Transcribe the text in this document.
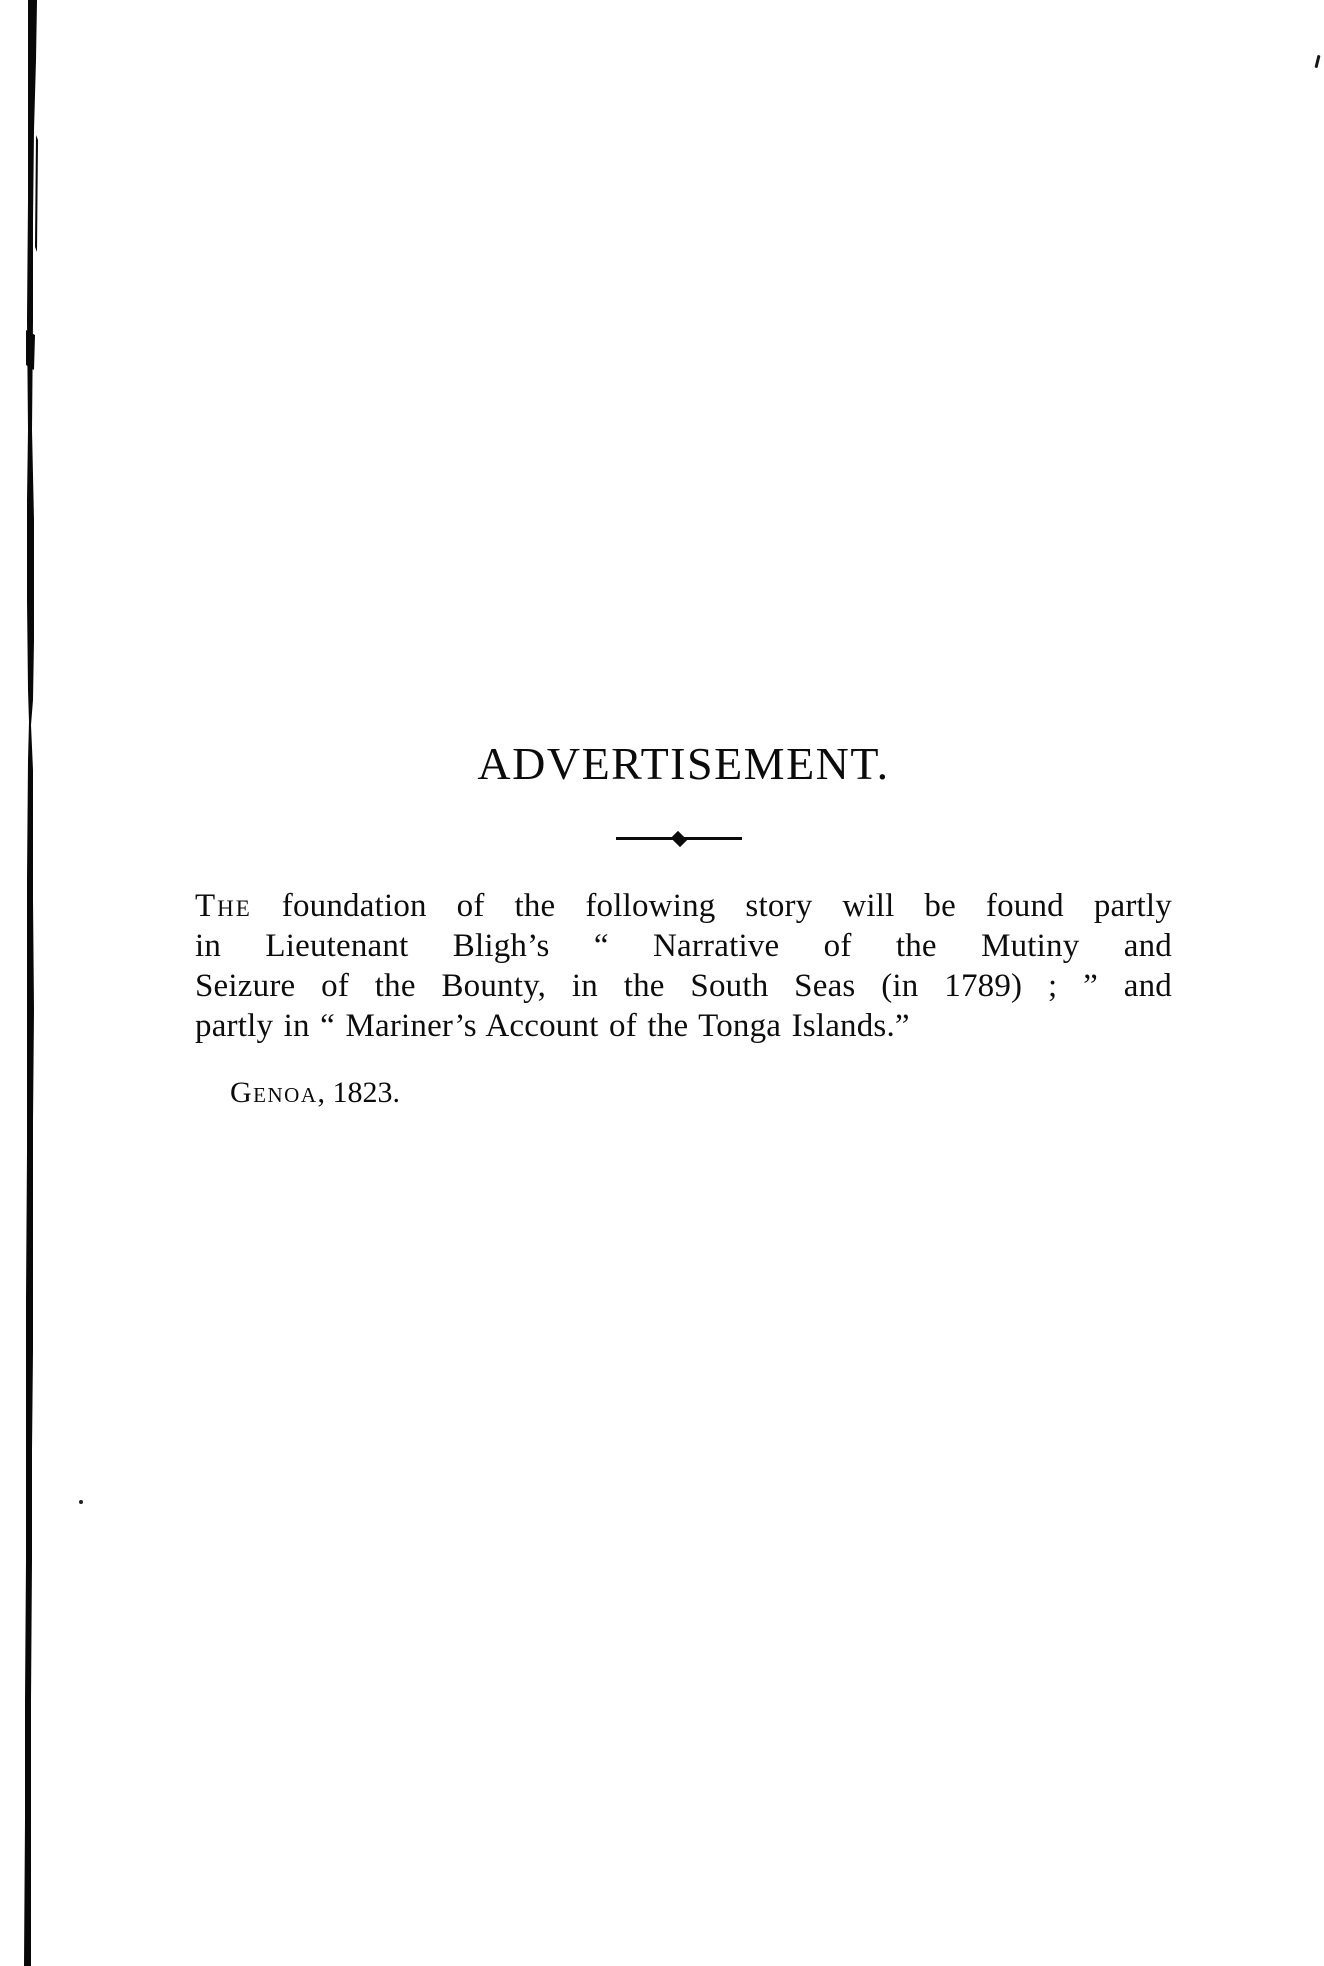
ADVERTISEMENT.

The foundation of the following story will be found partly

in Lieutenant Bligh’s “ Narrative of the Mutiny and

Seizure of the Bounty, in the South Seas (in 1789) ; ” and

partly in “ Mariner’s Account of the Tonga Islands.”

Genoa, 1823.
